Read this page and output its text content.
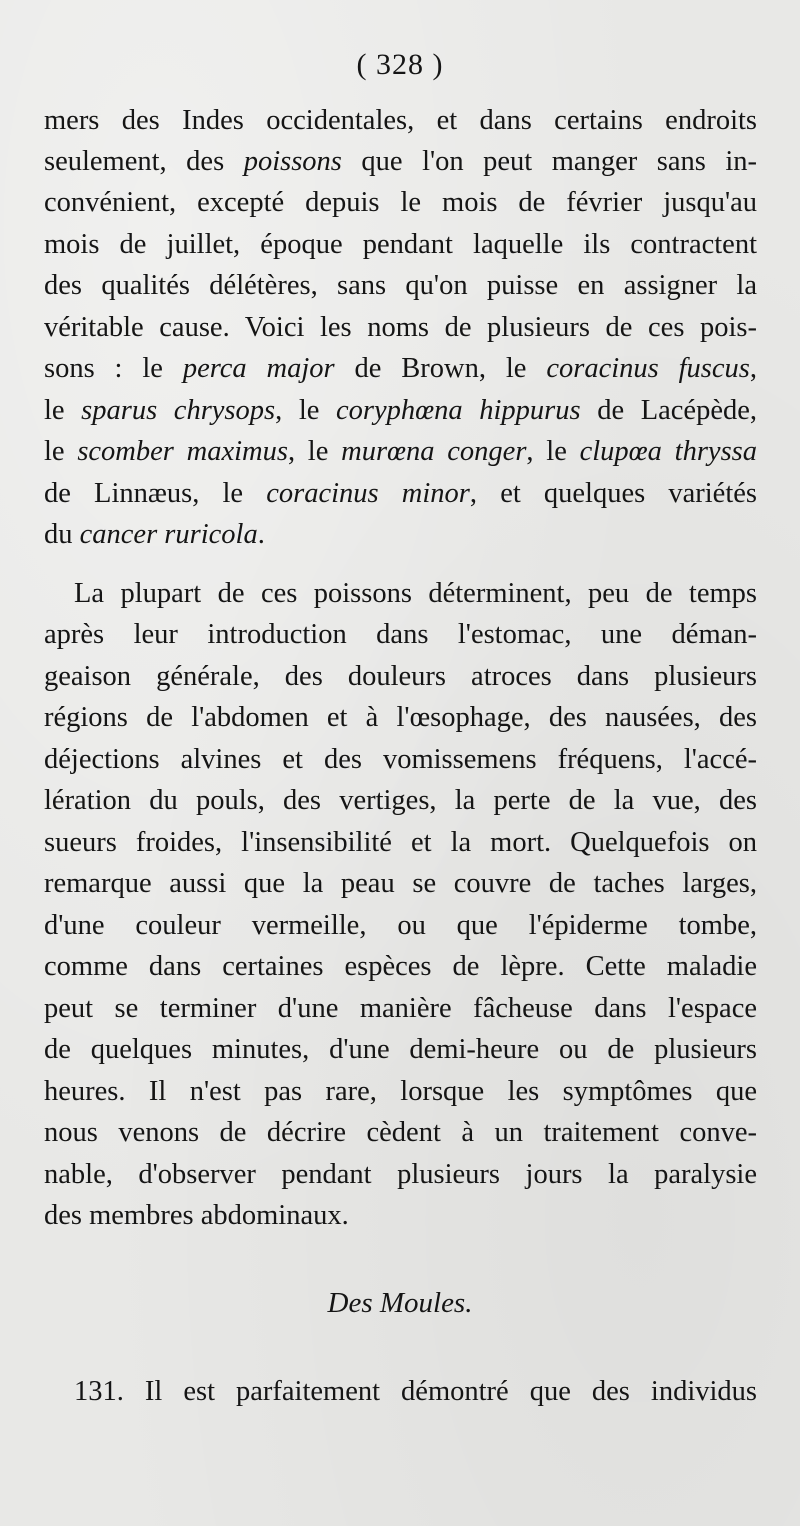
( 328 )
mers des Indes occidentales, et dans certains endroits
seulement, des poissons que l'on peut manger sans in-
convénient, excepté depuis le mois de février jusqu'au
mois de juillet, époque pendant laquelle ils contractent
des qualités délétères, sans qu'on puisse en assigner la
véritable cause. Voici les noms de plusieurs de ces pois-
sons : le perca major de Brown, le coracinus fuscus,
le sparus chrysops, le coryphœna hippurus de Lacépède,
le scomber maximus, le murœna conger, le clupœa thryssa
de Linnæus, le coracinus minor, et quelques variétés
du cancer ruricola.
La plupart de ces poissons déterminent, peu de temps
après leur introduction dans l'estomac, une déman-
geaison générale, des douleurs atroces dans plusieurs
régions de l'abdomen et à l'œsophage, des nausées, des
déjections alvines et des vomissemens fréquens, l'accé-
lération du pouls, des vertiges, la perte de la vue, des
sueurs froides, l'insensibilité et la mort. Quelquefois on
remarque aussi que la peau se couvre de taches larges,
d'une couleur vermeille, ou que l'épiderme tombe,
comme dans certaines espèces de lèpre. Cette maladie
peut se terminer d'une manière fâcheuse dans l'espace
de quelques minutes, d'une demi-heure ou de plusieurs
heures. Il n'est pas rare, lorsque les symptômes que
nous venons de décrire cèdent à un traitement conve-
nable, d'observer pendant plusieurs jours la paralysie
des membres abdominaux.
Des Moules.
131. Il est parfaitement démontré que des individus
